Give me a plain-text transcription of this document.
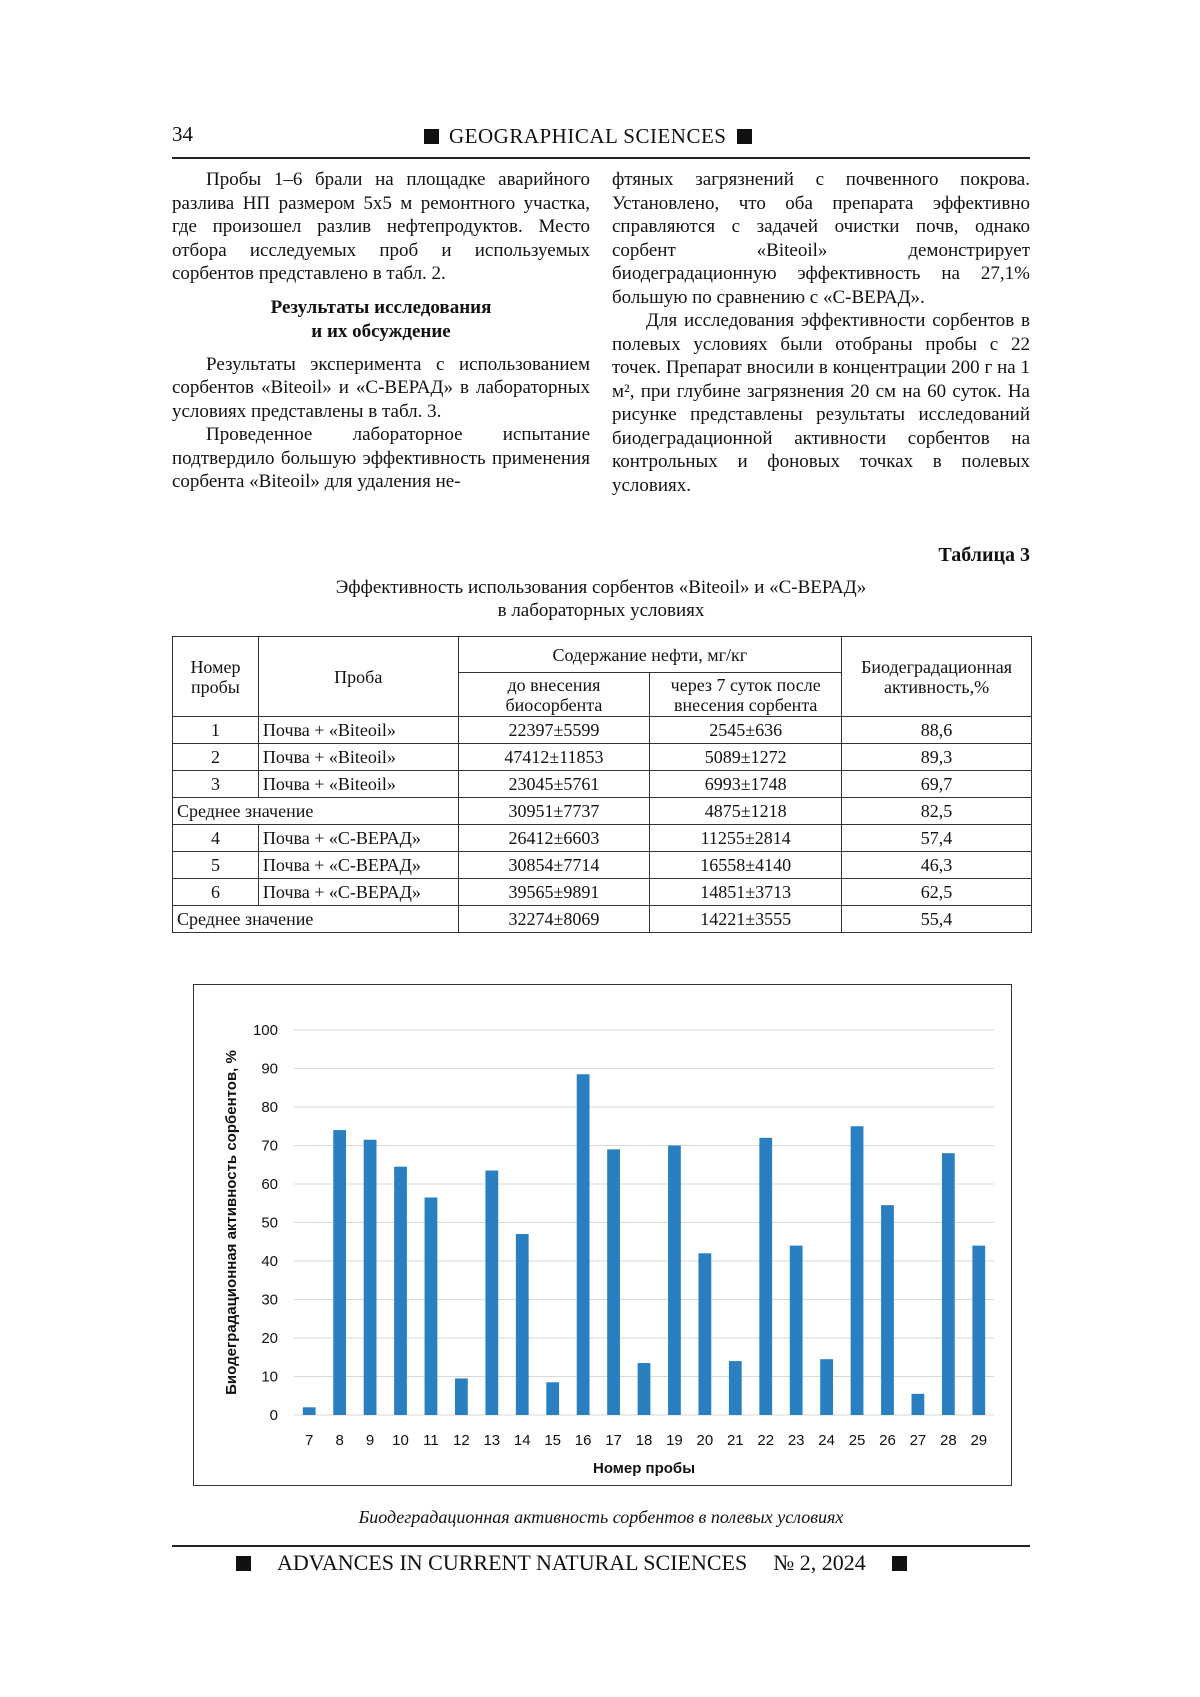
34	GEOGRAPHICAL SCIENCES

Пробы 1–6 брали на площадке аварийного разлива НП размером 5х5 м ремонтного участка, где произошел разлив нефтепродуктов. Место отбора исследуемых проб и используемых сорбентов представлено в табл. 2.

Результаты исследования
и их обсуждение

Результаты эксперимента с использованием сорбентов «Biteoil» и «С-ВЕРАД» в лабораторных условиях представлены в табл. 3.

Проведенное лабораторное испытание подтвердило большую эффективность применения сорбента «Biteoil» для удаления не-

фтяных загрязнений с почвенного покрова. Установлено, что оба препарата эффективно справляются с задачей очистки почв, однако сорбент «Biteoil» демонстрирует биодеградационную эффективность на 27,1% большую по сравнению с «С-ВЕРАД».

Для исследования эффективности сорбентов в полевых условиях были отобраны пробы с 22 точек. Препарат вносили в концентрации 200 г на 1 м², при глубине загрязнения 20 см на 60 суток. На рисунке представлены результаты исследований биодеградационной активности сорбентов на контрольных и фоновых точках в полевых условиях.

Таблица 3
Эффективность использования сорбентов «Biteoil» и «С-ВЕРАД»
в лабораторных условиях
Номер пробы	Проба	Содержание нефти, мг/кг		Биодеградационная активность,%
		до внесения биосорбента	через 7 суток после внесения сорбента	
1	Почва + «Biteoil»	22397±5599	2545±636	88,6
2	Почва + «Biteoil»	47412±11853	5089±1272	89,3
3	Почва + «Biteoil»	23045±5761	6993±1748	69,7
Среднее значение		30951±7737	4875±1218	82,5
4	Почва + «С-ВЕРАД»	26412±6603	11255±2814	57,4
5	Почва + «С-ВЕРАД»	30854±7714	16558±4140	46,3
6	Почва + «С-ВЕРАД»	39565±9891	14851±3713	62,5
Среднее значение		32274±8069	14221±3555	55,4
0
10
20
30
40
50
60
70
80
90
100
7 8 9 10 11 12 13 14 15 16 17 18 19 20 21 22 23 24 25 26 27 28 29
Номер пробы
Биодеградационная активность сорбентов, %
Биодеградационная активность сорбентов в полевых условиях
ADVANCES IN CURRENT NATURAL SCIENCES № 2, 2024
